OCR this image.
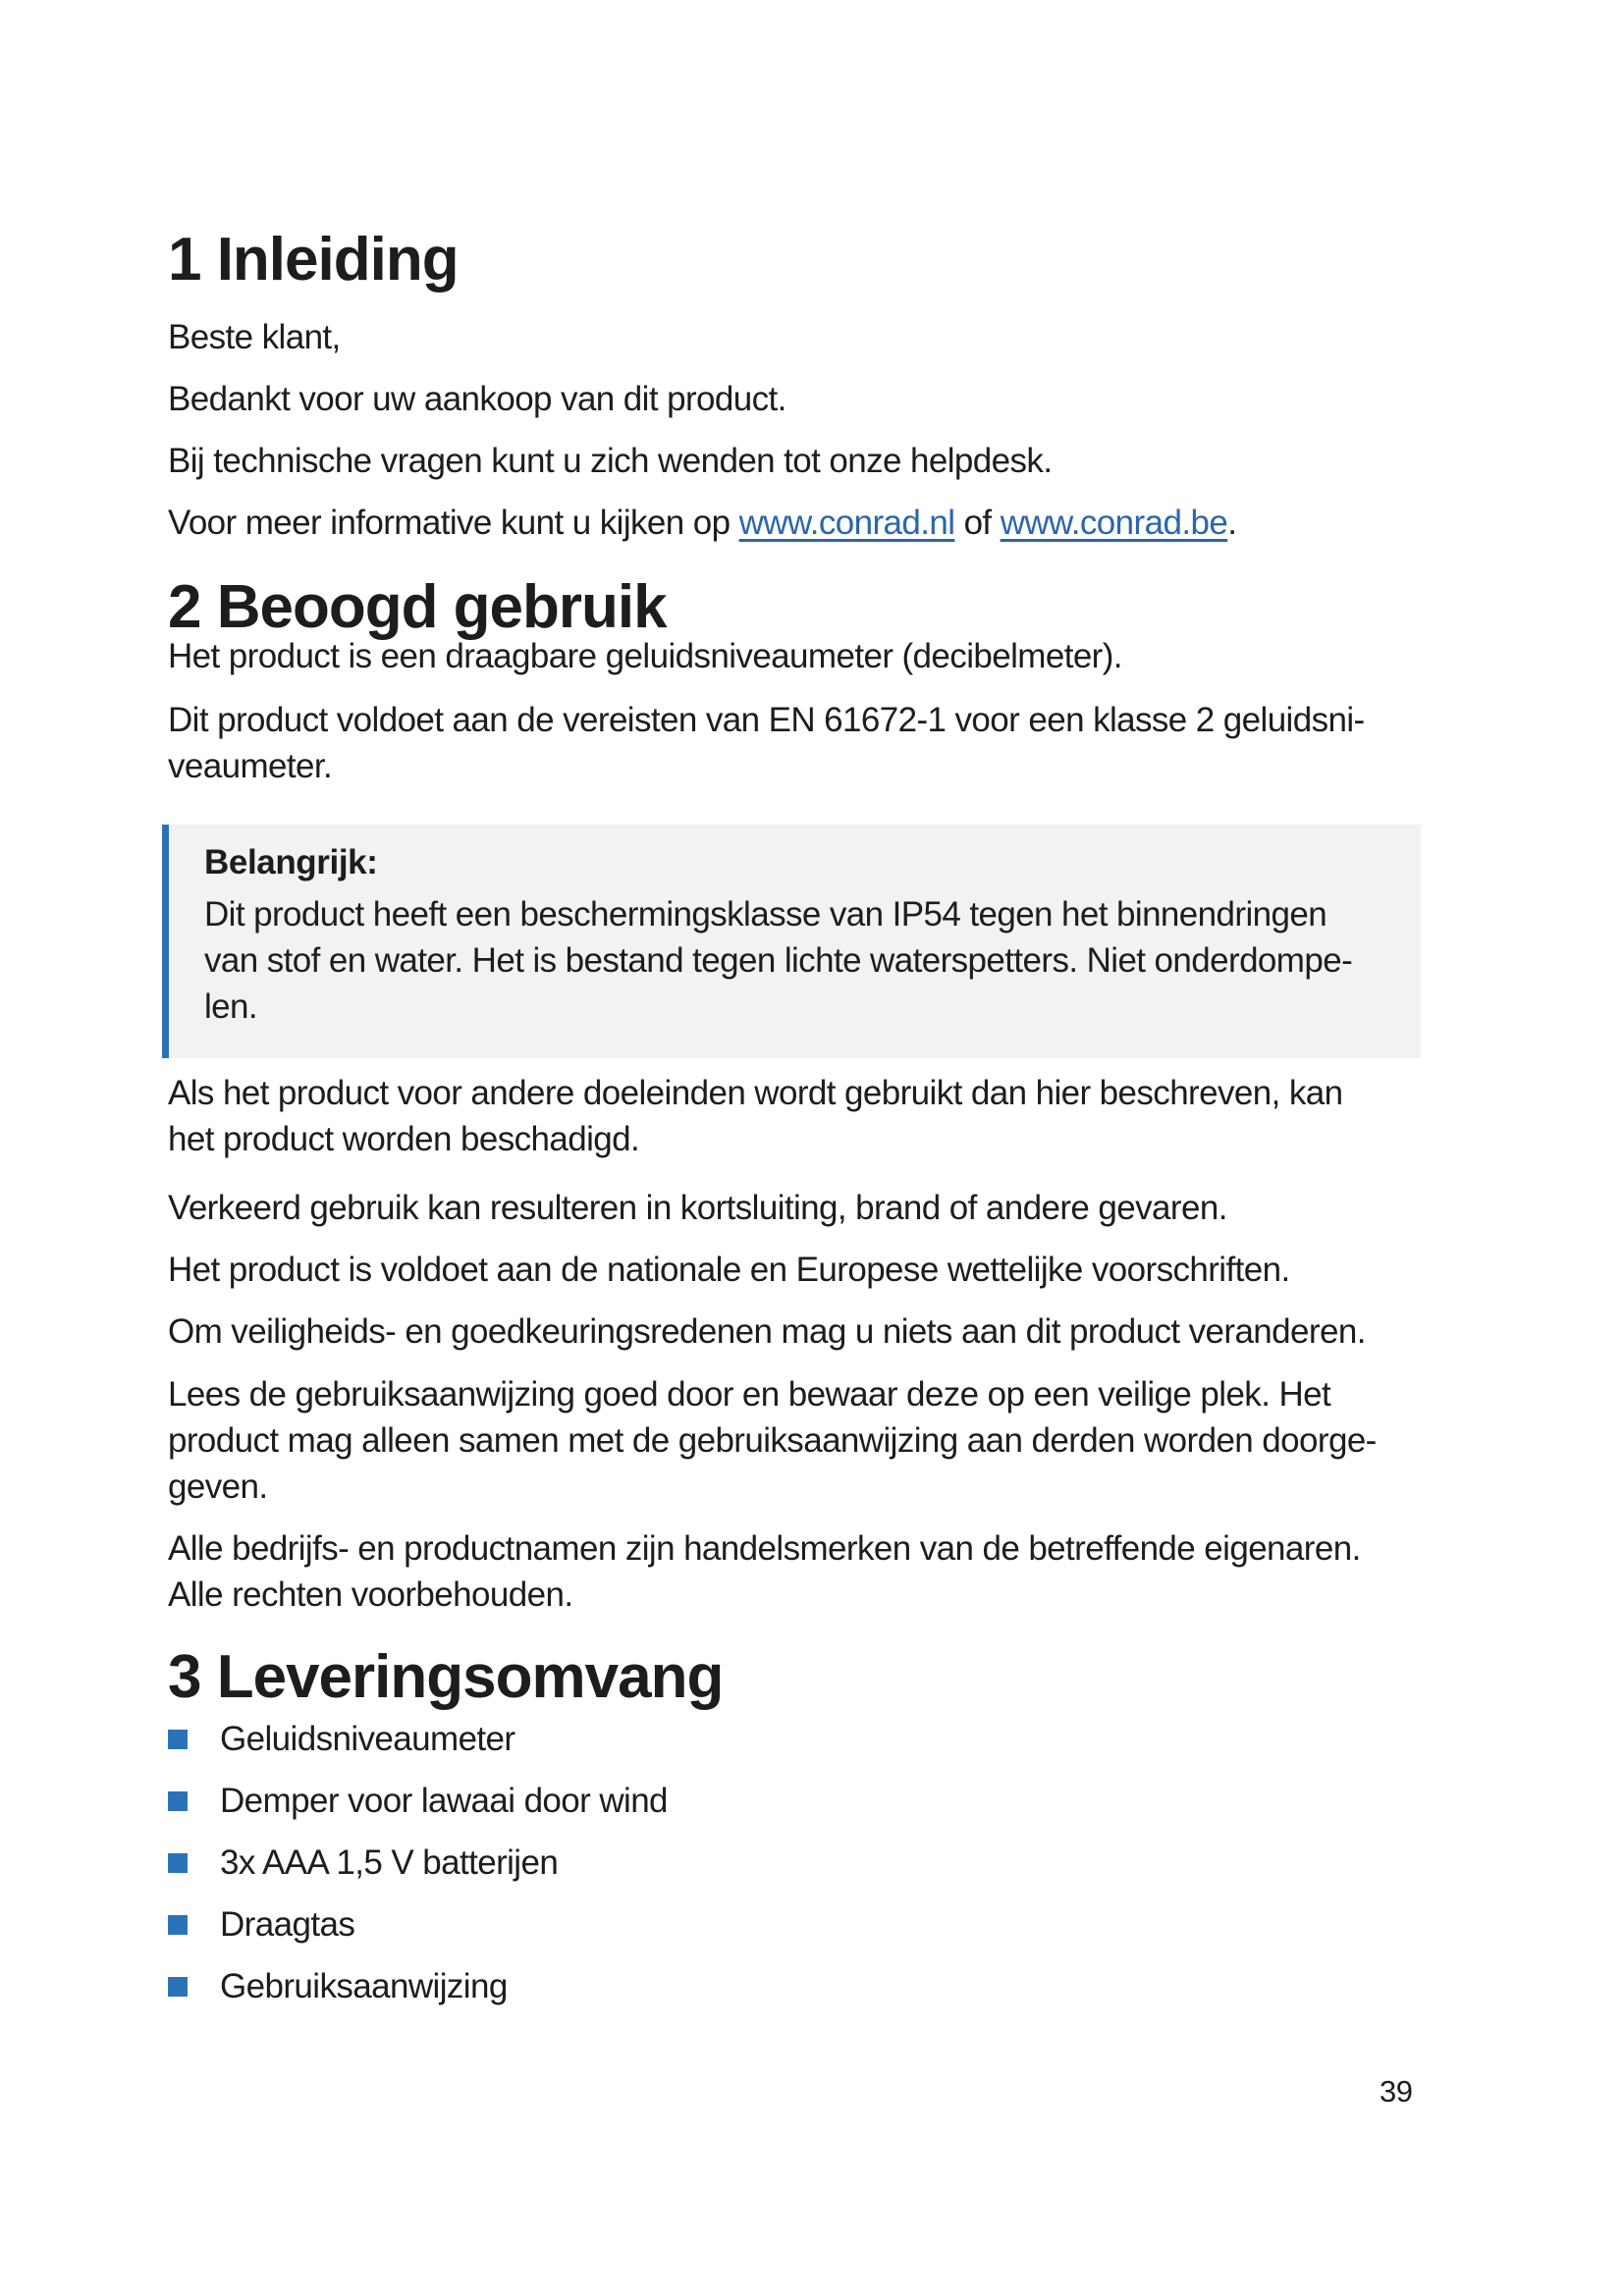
1 Inleiding

Beste klant,

Bedankt voor uw aankoop van dit product.

Bij technische vragen kunt u zich wenden tot onze helpdesk.

Voor meer informative kunt u kijken op www.conrad.nl of www.conrad.be.

2 Beoogd gebruik

Het product is een draagbare geluidsniveaumeter (decibelmeter).

Dit product voldoet aan de vereisten van EN 61672-1 voor een klasse 2 geluidsni-
veaumeter.

Belangrijk:

Dit product heeft een beschermingsklasse van IP54 tegen het binnendringen
van stof en water. Het is bestand tegen lichte waterspetters. Niet onderdompe-
len.

Als het product voor andere doeleinden wordt gebruikt dan hier beschreven, kan
het product worden beschadigd.

Verkeerd gebruik kan resulteren in kortsluiting, brand of andere gevaren.

Het product is voldoet aan de nationale en Europese wettelijke voorschriften.

Om veiligheids- en goedkeuringsredenen mag u niets aan dit product veranderen.

Lees de gebruiksaanwijzing goed door en bewaar deze op een veilige plek. Het
product mag alleen samen met de gebruiksaanwijzing aan derden worden doorge-
geven.

Alle bedrijfs- en productnamen zijn handelsmerken van de betreffende eigenaren.
Alle rechten voorbehouden.

3 Leveringsomvang
Geluidsniveaumeter
Demper voor lawaai door wind
3x AAA 1,5 V batterijen
Draagtas
Gebruiksaanwijzing
39
